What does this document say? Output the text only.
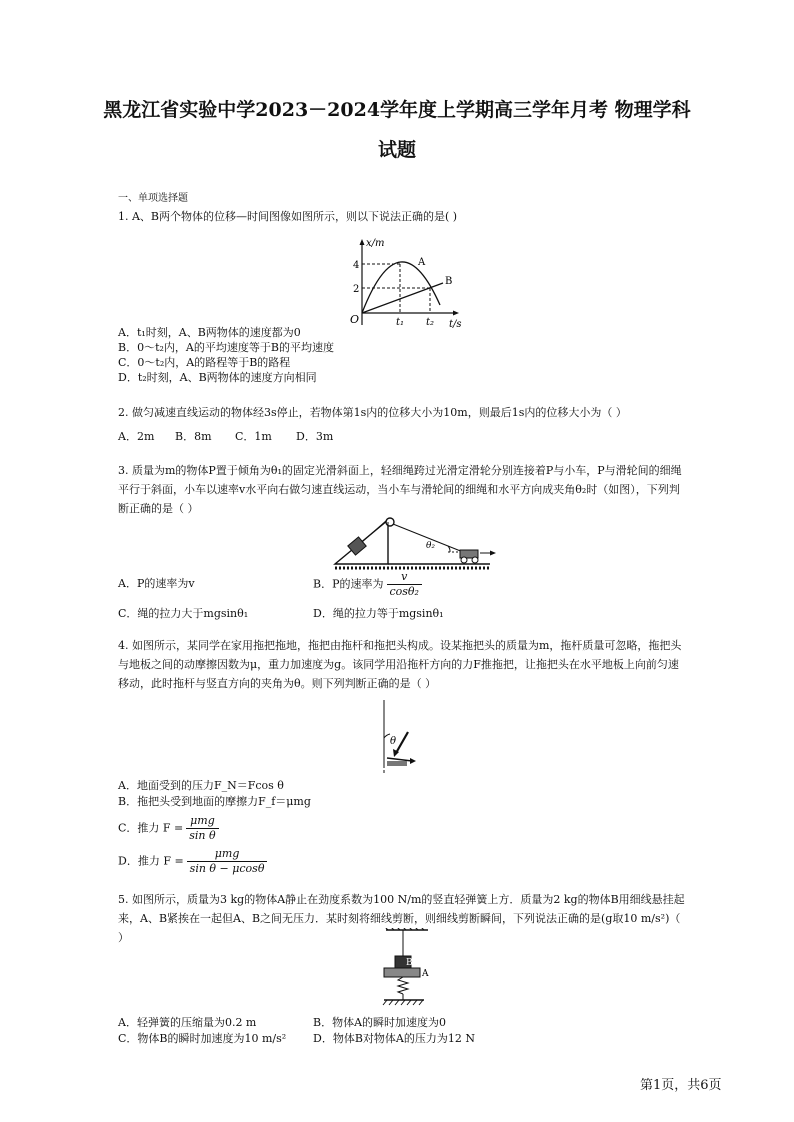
黑龙江省实验中学2023－2024学年度上学期高三学年月考 物理学科
试题
一、单项选择题
1. A、B两个物体的位移—时间图像如图所示，则以下说法正确的是( )
x/m
t/s
O
4
2
t₁ t₂
A
B
A．t₁时刻，A、B两物体的速度都为0
B．0～t₂内，A的平均速度等于B的平均速度
C．0～t₂内，A的路程等于B的路程
D．t₂时刻，A、B两物体的速度方向相同
2. 做匀减速直线运动的物体经3s停止，若物体第1s内的位移大小为10m，则最后1s内的位移大小为（ ）
A．2m B．8m C．1m D．3m
3. 质量为m的物体P置于倾角为θ₁的固定光滑斜面上，轻细绳跨过光滑定滑轮分别连接着P与小车，P与滑轮间的细绳平行于斜面，小车以速率v水平向右做匀速直线运动，当小车与滑轮间的细绳和水平方向成夹角θ₂时（如图），下列判断正确的是（ ）
θ₂
A．P的速率为v	B．P的速率为 $\frac{v}{\text{cosθ₂}}$
C．绳的拉力大于mgsinθ₁	D．绳的拉力等于mgsinθ₁
4. 如图所示，某同学在家用拖把拖地，拖把由拖杆和拖把头构成。设某拖把头的质量为m，拖杆质量可忽略，拖把头与地板之间的动摩擦因数为μ，重力加速度为g。该同学用沿拖杆方向的力F推拖把，让拖把头在水平地板上向前匀速移动，此时拖杆与竖直方向的夹角为θ。则下列判断正确的是（ ）
θ
A．地面受到的压力F_N＝Fcos θ
B．拖把头受到地面的摩擦力F_f＝μmg
C．推力 $F = \frac{\text{μmg}}{\text{sin θ}}$
D．推力 $F = \frac{\text{μmg}}{\text{sin θ − μcosθ}}$
5. 如图所示，质量为3 kg的物体A静止在劲度系数为100 N/m的竖直轻弹簧上方．质量为2 kg的物体B用细线悬挂起来，A、B紧挨在一起但A、B之间无压力．某时刻将细线剪断，则细线剪断瞬间，下列说法正确的是(g取10 m/s²)（ ）
B
A
A．轻弹簧的压缩量为0.2 m	B．物体A的瞬时加速度为0
C．物体B的瞬时加速度为10 m/s² D．物体B对物体A的压力为12 N
第1页，共6页
